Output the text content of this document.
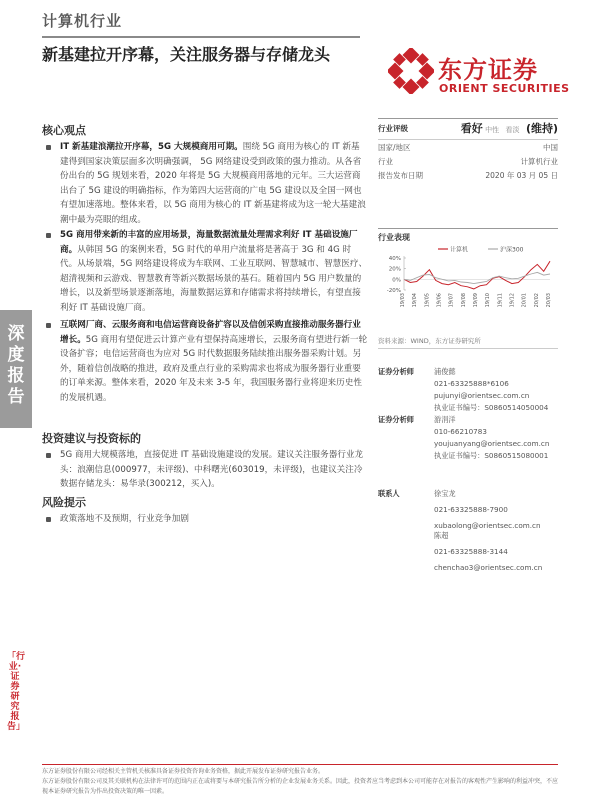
计算机行业
新基建拉开序幕，关注服务器与存储龙头
东方证券
ORIENT SECURITIES
深度报告
「行业·证券研究报告」
核心观点
IT 新基建浪潮拉开序幕，5G 大规模商用可期。围绕 5G 商用为核心的 IT 新基建得到国家决策层面多次明确强调， 5G 网络建设受到政策的强力推动。从各省份出台的 5G 规划来看，2020 年将是 5G 大规模商用落地的元年。三大运营商出台了 5G 建设的明确指标，作为第四大运营商的广电 5G 建设以及全国一网也有望加速落地。整体来看，以 5G 商用为核心的 IT 新基建将成为这一轮大基建浪潮中最为亮眼的组成。
5G 商用带来新的丰富的应用场景，海量数据流量处理需求利好 IT 基础设施厂商。从韩国 5G 的案例来看，5G 时代的单用户流量将是著高于 3G 和 4G 时代。从场景端，5G 网络建设将成为车联网、工业互联网、智慧城市、智慧医疗、超清视频和云游戏、智慧教育等新兴数据场景的基石。随着国内 5G 用户数量的增长，以及新型场景逐渐落地，海量数据运算和存储需求将持续增长，有望直接利好 IT 基础设施厂商。
互联网厂商、云服务商和电信运营商设备扩容以及信创采购直接推动服务器行业增长。5G 商用有望促进云计算产业有望保持高速增长，云服务商有望进行新一轮设备扩容；电信运营商也为应对 5G 时代数据服务陆续推出服务器采购计划。另外，随着信创战略的推进，政府及重点行业的采购需求也将成为服务器行业重要的订单来源。整体来看，2020 年及未来 3-5 年，我国服务器行业将迎来历史性的发展机遇。
投资建议与投资标的
5G 商用大规模落地，直接促进 IT 基础设施建设的发展。建议关注服务器行业龙头：浪潮信息(000977，未评级)、中科曙光(603019，未评级)，也建议关注冷数据存储龙头：易华录(300212，买入)。
风险提示
政策落地不及预期，行业竞争加剧
行业评级	看好 中性 看淡 (维持)
国家/地区	中国
行业	计算机行业
报告发布日期	2020 年 03 月 05 日
行业表现
计算机	沪深300
40%
20%
0%
-20%
19/03 19/04 19/05 19/06 19/07 19/08 19/09 19/10 19/11 19/12 20/01 20/02 20/03
资料来源：WIND，东方证券研究所
证券分析师	浦俊懿
021-63325888*6106
pujunyi@orientsec.com.cn
执业证书编号：S0860514050004
证券分析师	游涓洋
010-66210783
youjuanyang@orientsec.com.cn
执业证书编号：S0860515080001
联系人	徐宝龙
021-63325888-7900
xubaolong@orientsec.com.cn
陈超
021-63325888-3144
chenchao3@orientsec.com.cn
东方证券股份有限公司经相关主管机关核准具备证券投资咨询业务资格，据此开展发布证券研究报告业务。
东方证券股份有限公司及其关联机构在法律许可的范围内正在或将要与本研究报告所分析的企业发展业务关系。因此，投资者应当考虑到本公司可能存在对报告的客观性产生影响的利益冲突，不应视本证券研究报告为作出投资决策的唯一因素。
